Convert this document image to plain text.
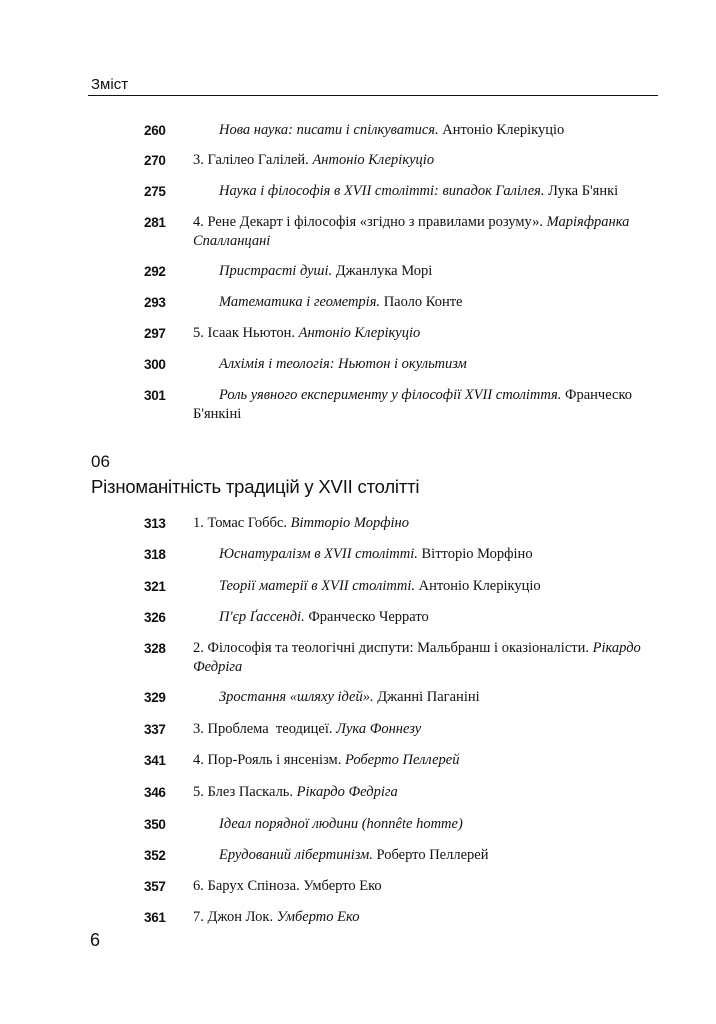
Зміст
260	Нова наука: писати і спілкуватися. Антоніо Клерікуціо
270 3. Галілео Галілей. Антоніо Клерікуціо
275	Наука і філософія в XVII столітті: випадок Галілея. Лука Б'янкі
281 4. Рене Декарт і філософія «згідно з правилами розуму». Маріяфранка Спалланцані
292	Пристрасті душі. Джанлука Морі
293	Математика і геометрія. Паоло Конте
297 5. Ісаак Ньютон. Антоніо Клерікуціо
300	Алхімія і теологія: Ньютон і окультизм
301	Роль уявного експерименту у філософії XVII століття. Франческо Б'янкіні
06
Різноманітність традицій у XVII столітті
313 1. Томас Гоббс. Вітторіо Морфіно
318	Юснатуралізм в XVII столітті. Вітторіо Морфіно
321	Теорії матерії в XVII столітті. Антоніо Клерікуціо
326	П'єр Ґассенді. Франческо Черрато
328 2. Філософія та теологічні диспути: Мальбранш і оказіоналісти. Рікардо Федріга
329	Зростання «шляху ідей». Джанні Паганіні
337 3. Проблема  теодицеї. Лука Фоннезу
341 4. Пор-Рояль і янсенізм. Роберто Пеллерей
346 5. Блез Паскаль. Рікардо Федріга
350	Ідеал порядної людини (honnête homme)
352	Ерудований лібертинізм. Роберто Пеллерей
357 6. Барух Спіноза. Умберто Еко
361 7. Джон Лок. Умберто Еко
6
